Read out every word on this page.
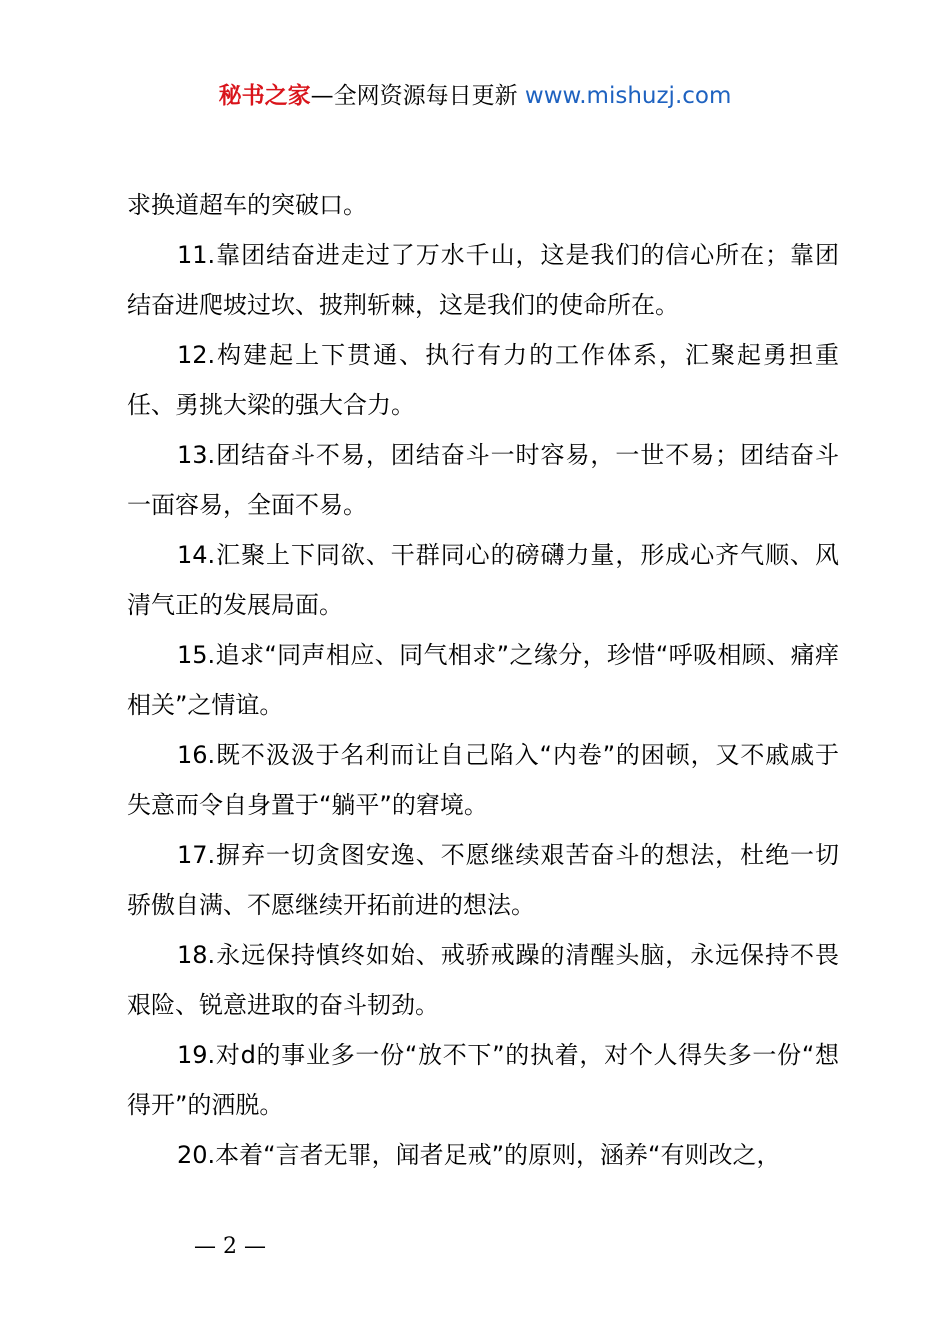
秘书之家—全网资源每日更新 www.mishuzj.com

求换道超车的突破口。

11.靠团结奋进走过了万水千山，这是我们的信心所在；靠团结奋进爬坡过坎、披荆斩棘，这是我们的使命所在。

12.构建起上下贯通、执行有力的工作体系，汇聚起勇担重任、勇挑大梁的强大合力。

13.团结奋斗不易，团结奋斗一时容易，一世不易；团结奋斗一面容易，全面不易。

14.汇聚上下同欲、干群同心的磅礴力量，形成心齐气顺、风清气正的发展局面。

15.追求“同声相应、同气相求”之缘分，珍惜“呼吸相顾、痛痒相关”之情谊。

16.既不汲汲于名利而让自己陷入“内卷”的困顿，又不戚戚于失意而令自身置于“躺平”的窘境。

17.摒弃一切贪图安逸、不愿继续艰苦奋斗的想法，杜绝一切骄傲自满、不愿继续开拓前进的想法。

18.永远保持慎终如始、戒骄戒躁的清醒头脑，永远保持不畏艰险、锐意进取的奋斗韧劲。

19.对d的事业多一份“放不下”的执着，对个人得失多一份“想得开”的洒脱。

20.本着“言者无罪，闻者足戒”的原则，涵养“有则改之，

— 2 —
